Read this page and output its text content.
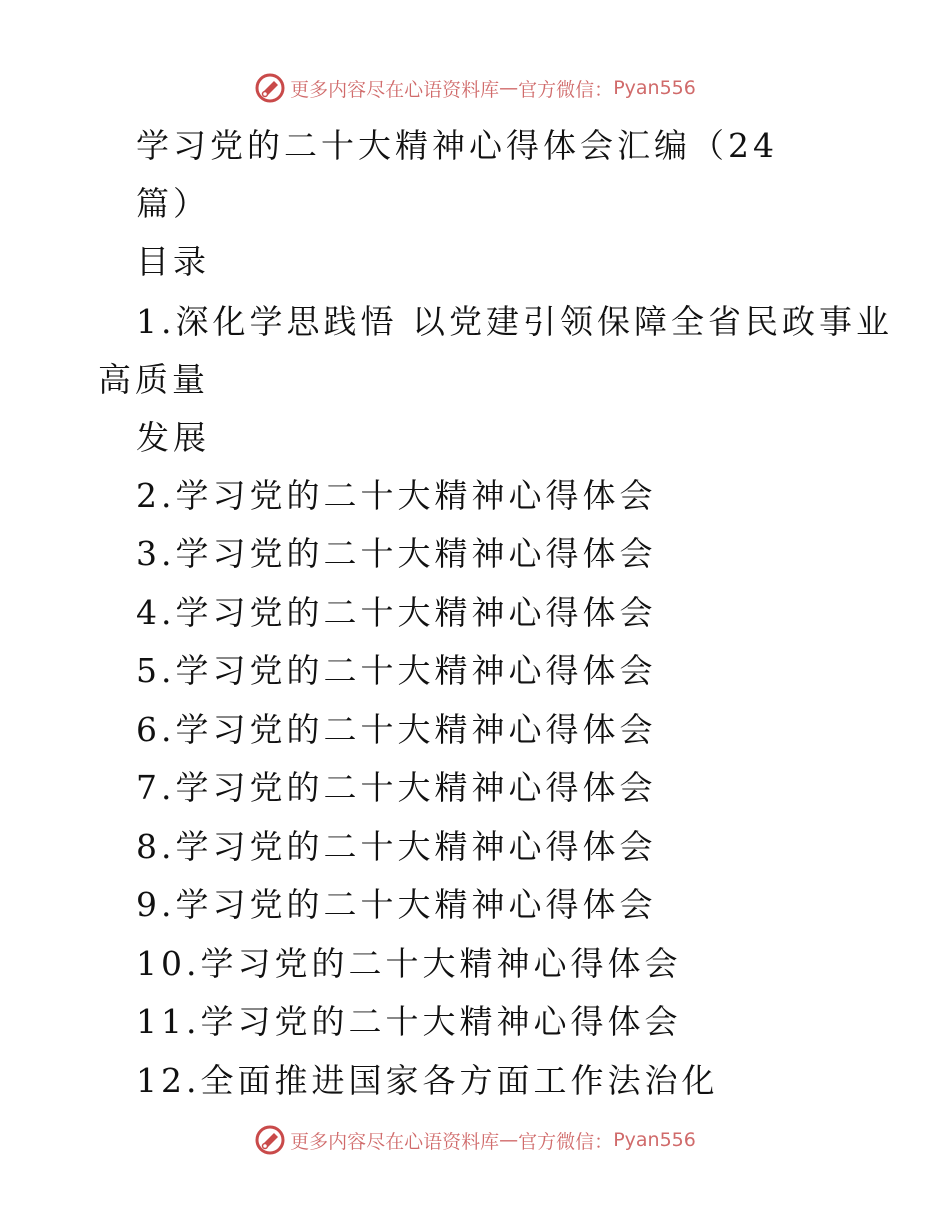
更多内容尽在心语资料库 — 官方微信： Pyan556
学习党的二十大精神心得体会汇编（24
篇）
目录
1.深化学思践悟 以党建引领保障全省民政事业
高质量
发展
2.学习党的二十大精神心得体会
3.学习党的二十大精神心得体会
4.学习党的二十大精神心得体会
5.学习党的二十大精神心得体会
6.学习党的二十大精神心得体会
7.学习党的二十大精神心得体会
8.学习党的二十大精神心得体会
9.学习党的二十大精神心得体会
10.学习党的二十大精神心得体会
11.学习党的二十大精神心得体会
12.全面推进国家各方面工作法治化
更多内容尽在心语资料库 — 官方微信： Pyan556
